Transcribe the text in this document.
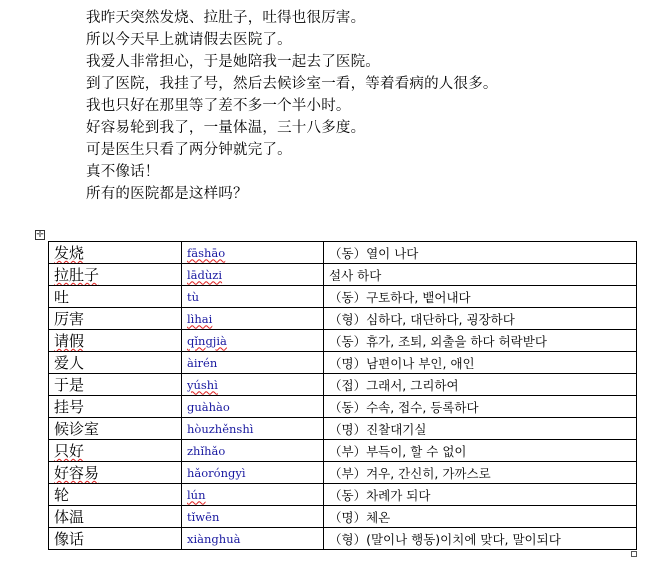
我昨天突然发烧、拉肚子，吐得也很厉害。
所以今天早上就请假去医院了。
我爱人非常担心，于是她陪我一起去了医院。
到了医院，我挂了号，然后去候诊室一看，等着看病的人很多。
我也只好在那里等了差不多一个半小时。
好容易轮到我了，一量体温，三十八多度。
可是医生只看了两分钟就完了。
真不像话！
所有的医院都是这样吗？
✛
发烧	fāshāo	（동）열이 나다
拉肚子	lādùzi	설사 하다
吐	tù	（동）구토하다, 뱉어내다
厉害	lìhai	（형）심하다, 대단하다, 굉장하다
请假	qǐngjià	（동）휴가, 조퇴, 외출을 하다 허락받다
爱人	àirén	（명）남편이나 부인, 애인
于是	yúshì	（접）그래서, 그리하여
挂号	guàhào	（동）수속, 접수, 등록하다
候诊室	hòuzhěnshì	（명）진찰대기실
只好	zhǐhǎo	（부）부득이, 할 수 없이
好容易	hǎoróngyì	（부）겨우, 간신히, 가까스로
轮	lún	（동）차례가 되다
体温	tǐwēn	（명）체온
像话	xiànghuà	（형）(말이나 행동)이치에 맞다, 말이되다
